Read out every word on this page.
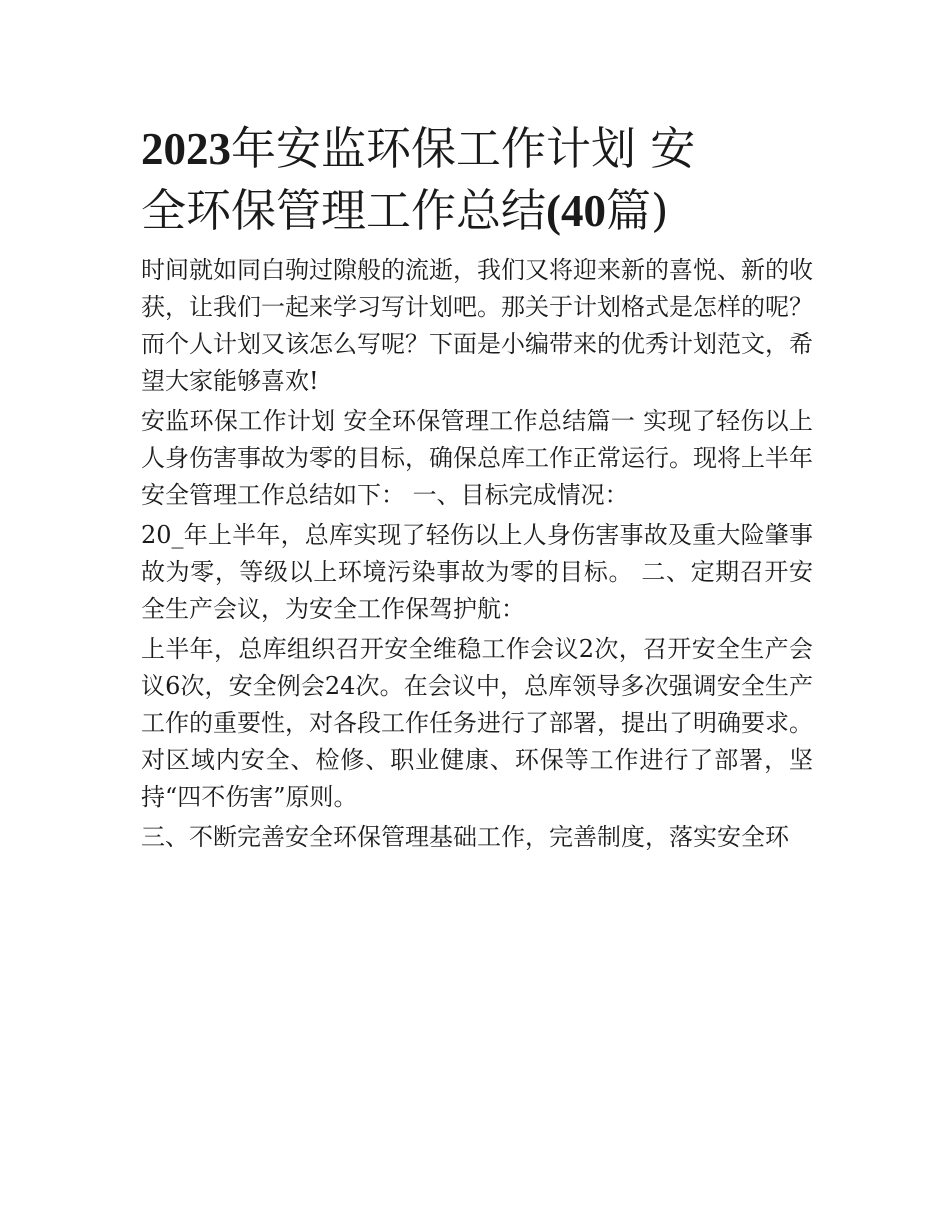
2023年安监环保工作计划 安
全环保管理工作总结(40篇)

时间就如同白驹过隙般的流逝，我们又将迎来新的喜悦、新的收获，让我们一起来学习写计划吧。那关于计划格式是怎样的呢？而个人计划又该怎么写呢？下面是小编带来的优秀计划范文，希望大家能够喜欢!

安监环保工作计划 安全环保管理工作总结篇一 实现了轻伤以上人身伤害事故为零的目标，确保总库工作正常运行。现将上半年安全管理工作总结如下： 一、目标完成情况：

20_年上半年，总库实现了轻伤以上人身伤害事故及重大险肇事故为零，等级以上环境污染事故为零的目标。 二、定期召开安全生产会议，为安全工作保驾护航：

上半年，总库组织召开安全维稳工作会议2次，召开安全生产会议6次，安全例会24次。在会议中，总库领导多次强调安全生产工作的重要性，对各段工作任务进行了部署，提出了明确要求。对区域内安全、检修、职业健康、环保等工作进行了部署，坚持“四不伤害”原则。

三、不断完善安全环保管理基础工作，完善制度，落实安全环
